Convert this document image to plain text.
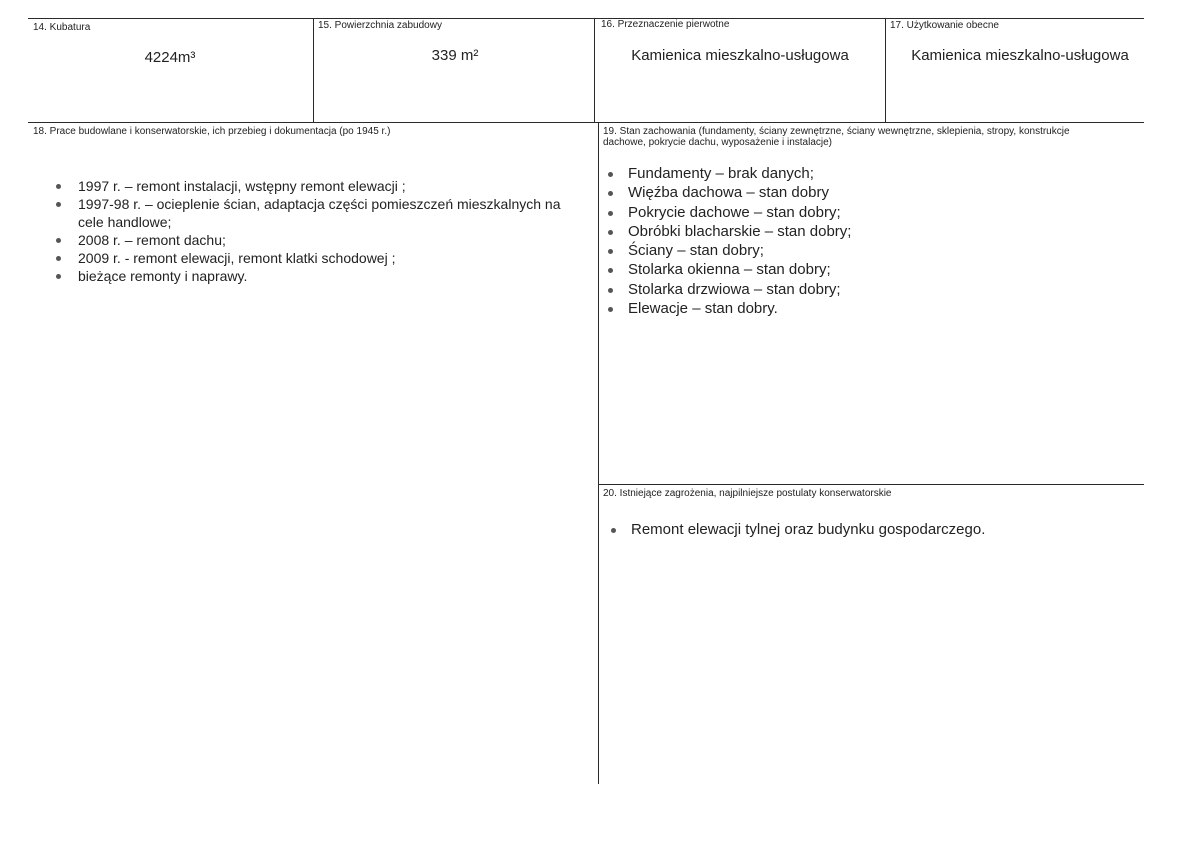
14. Kubatura
4224m³
15. Powierzchnia zabudowy
339 m²
16. Przeznaczenie pierwotne
Kamienica mieszkalno-usługowa
17. Użytkowanie obecne
Kamienica mieszkalno-usługowa
18. Prace budowlane i konserwatorskie, ich przebieg i dokumentacja (po 1945 r.)
1997 r. – remont instalacji, wstępny remont elewacji ;
1997-98 r. – ocieplenie ścian, adaptacja części pomieszczeń mieszkalnych na cele handlowe;
2008 r. – remont dachu;
2009 r. - remont elewacji, remont klatki schodowej ;
bieżące remonty i naprawy.
19. Stan zachowania (fundamenty, ściany zewnętrzne, ściany wewnętrzne, sklepienia, stropy, konstrukcje dachowe, pokrycie dachu, wyposażenie i instalacje)
Fundamenty – brak danych;
Więźba dachowa – stan dobry
Pokrycie dachowe – stan dobry;
Obróbki blacharskie – stan dobry;
Ściany – stan dobry;
Stolarka okienna – stan dobry;
Stolarka drzwiowa – stan dobry;
Elewacje – stan dobry.
20. Istniejące zagrożenia, najpilniejsze postulaty konserwatorskie
Remont elewacji tylnej oraz budynku gospodarczego.
